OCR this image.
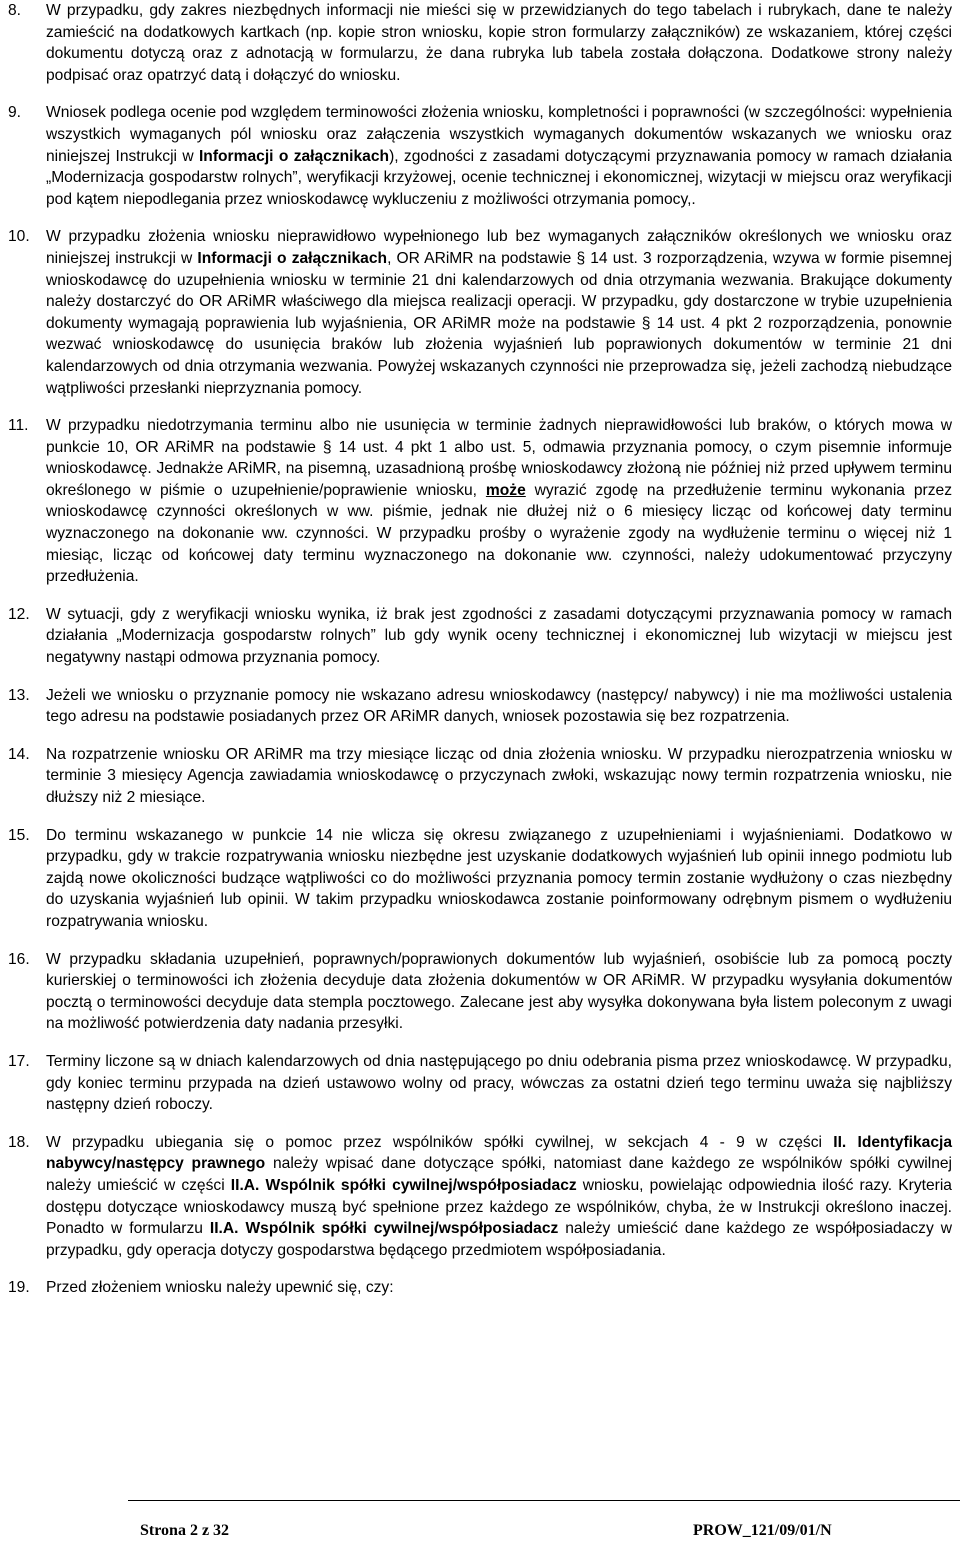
8. W przypadku, gdy zakres niezbędnych informacji nie mieści się w przewidzianych do tego tabelach i rubrykach, dane te należy zamieścić na dodatkowych kartkach (np. kopie stron wniosku, kopie stron formularzy załączników) ze wskazaniem, której części dokumentu dotyczą oraz z adnotacją w formularzu, że dana rubryka lub tabela została dołączona. Dodatkowe strony należy podpisać oraz opatrzyć datą i dołączyć do wniosku.
9. Wniosek podlega ocenie pod względem terminowości złożenia wniosku, kompletności i poprawności (w szczególności: wypełnienia wszystkich wymaganych pól wniosku oraz załączenia wszystkich wymaganych dokumentów wskazanych we wniosku oraz niniejszej Instrukcji w Informacji o załącznikach), zgodności z zasadami dotyczącymi przyznawania pomocy w ramach działania „Modernizacja gospodarstw rolnych”, weryfikacji krzyżowej, ocenie technicznej i ekonomicznej, wizytacji w miejscu oraz weryfikacji pod kątem niepodlegania przez wnioskodawcę wykluczeniu z możliwości otrzymania pomocy,.
10. W przypadku złożenia wniosku nieprawidłowo wypełnionego lub bez wymaganych załączników określonych we wniosku oraz niniejszej instrukcji w Informacji o załącznikach, OR ARiMR na podstawie § 14 ust. 3 rozporządzenia, wzywa w formie pisemnej wnioskodawcę do uzupełnienia wniosku w terminie 21 dni kalendarzowych od dnia otrzymania wezwania. Brakujące dokumenty należy dostarczyć do OR ARiMR właściwego dla miejsca realizacji operacji. W przypadku, gdy dostarczone w trybie uzupełnienia dokumenty wymagają poprawienia lub wyjaśnienia, OR ARiMR może na podstawie § 14 ust. 4 pkt 2 rozporządzenia, ponownie wezwać wnioskodawcę do usunięcia braków lub złożenia wyjaśnień lub poprawionych dokumentów w terminie 21 dni kalendarzowych od dnia otrzymania wezwania. Powyżej wskazanych czynności nie przeprowadza się, jeżeli zachodzą niebudzące wątpliwości przesłanki nieprzyznania pomocy.
11. W przypadku niedotrzymania terminu albo nie usunięcia w terminie żadnych nieprawidłowości lub braków, o których mowa w punkcie 10, OR ARiMR na podstawie § 14 ust. 4 pkt 1 albo ust. 5, odmawia przyznania pomocy, o czym pisemnie informuje wnioskodawcę. Jednakże ARiMR, na pisemną, uzasadnioną prośbę wnioskodawcy złożoną nie później niż przed upływem terminu określonego w piśmie o uzupełnienie/poprawienie wniosku, może wyrazić zgodę na przedłużenie terminu wykonania przez wnioskodawcę czynności określonych w ww. piśmie, jednak nie dłużej niż o 6 miesięcy licząc od końcowej daty terminu wyznaczonego na dokonanie ww. czynności. W przypadku prośby o wyrażenie zgody na wydłużenie terminu o więcej niż 1 miesiąc, licząc od końcowej daty terminu wyznaczonego na dokonanie ww. czynności, należy udokumentować przyczyny przedłużenia.
12. W sytuacji, gdy z weryfikacji wniosku wynika, iż brak jest zgodności z zasadami dotyczącymi przyznawania pomocy w ramach działania „Modernizacja gospodarstw rolnych” lub gdy wynik oceny technicznej i ekonomicznej lub wizytacji w miejscu jest negatywny nastąpi odmowa przyznania pomocy.
13. Jeżeli we wniosku o przyznanie pomocy nie wskazano adresu wnioskodawcy (następcy/ nabywcy) i nie ma możliwości ustalenia tego adresu na podstawie posiadanych przez OR ARiMR danych, wniosek pozostawia się bez rozpatrzenia.
14. Na rozpatrzenie wniosku OR ARiMR ma trzy miesiące licząc od dnia złożenia wniosku. W przypadku nierozpatrzenia wniosku w terminie 3 miesięcy Agencja zawiadamia wnioskodawcę o przyczynach zwłoki, wskazując nowy termin rozpatrzenia wniosku, nie dłuższy niż 2 miesiące.
15. Do terminu wskazanego w punkcie 14 nie wlicza się okresu związanego z uzupełnieniami i wyjaśnieniami. Dodatkowo w przypadku, gdy w trakcie rozpatrywania wniosku niezbędne jest uzyskanie dodatkowych wyjaśnień lub opinii innego podmiotu lub zajdą nowe okoliczności budzące wątpliwości co do możliwości przyznania pomocy termin zostanie wydłużony o czas niezbędny do uzyskania wyjaśnień lub opinii. W takim przypadku wnioskodawca zostanie poinformowany odrębnym pismem o wydłużeniu rozpatrywania wniosku.
16. W przypadku składania uzupełnień, poprawnych/poprawionych dokumentów lub wyjaśnień, osobiście lub za pomocą poczty kurierskiej o terminowości ich złożenia decyduje data złożenia dokumentów w OR ARiMR. W przypadku wysyłania dokumentów pocztą o terminowości decyduje data stempla pocztowego. Zalecane jest aby wysyłka dokonywana była listem poleconym z uwagi na możliwość potwierdzenia daty nadania przesyłki.
17. Terminy liczone są w dniach kalendarzowych od dnia następującego po dniu odebrania pisma przez wnioskodawcę. W przypadku, gdy koniec terminu przypada na dzień ustawowo wolny od pracy, wówczas za ostatni dzień tego terminu uważa się najbliższy następny dzień roboczy.
18. W przypadku ubiegania się o pomoc przez wspólników spółki cywilnej, w sekcjach 4 - 9 w części II. Identyfikacja nabywcy/następcy prawnego należy wpisać dane dotyczące spółki, natomiast dane każdego ze wspólników spółki cywilnej należy umieścić w części II.A. Wspólnik spółki cywilnej/współposiadacz wniosku, powielając odpowiednia ilość razy. Kryteria dostępu dotyczące wnioskodawcy muszą być spełnione przez każdego ze wspólników, chyba, że w Instrukcji określono inaczej. Ponadto w formularzu II.A. Wspólnik spółki cywilnej/współposiadacz należy umieścić dane każdego ze współposiadaczy w przypadku, gdy operacja dotyczy gospodarstwa będącego przedmiotem współposiadania.
19. Przed złożeniem wniosku należy upewnić się, czy:
Strona 2 z 32	PROW_121/09/01/N
